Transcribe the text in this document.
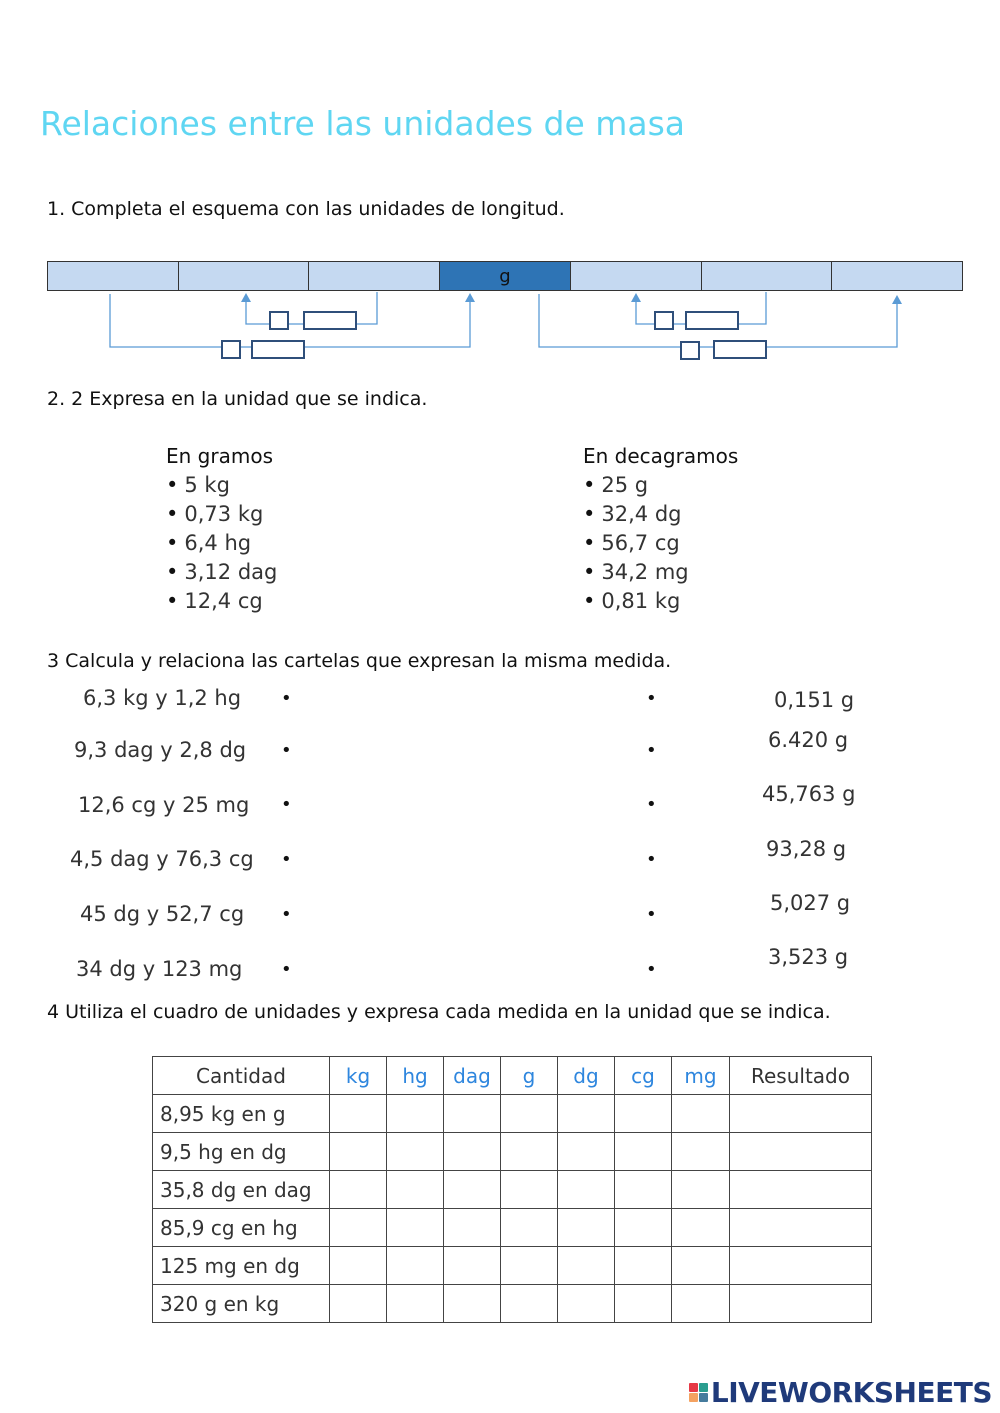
Relaciones entre las unidades de masa
1. Completa el esquema con las unidades de longitud.
g
2. 2 Expresa en la unidad que se indica.
En gramos
• 5 kg
• 0,73 kg
• 6,4 hg
• 3,12 dag
• 12,4 cg
En decagramos
• 25 g
• 32,4 dg
• 56,7 cg
• 34,2 mg
• 0,81 kg
3 Calcula y relaciona las cartelas que expresan la misma medida.
6,3 kg y 1,2 hg
9,3 dag y 2,8 dg
12,6 cg y 25 mg
4,5 dag y 76,3 cg
45 dg y 52,7 cg
34 dg y 123 mg
•
•
•
•
•
•
•
•
•
•
•
•
0,151 g
6.420 g
45,763 g
93,28 g
5,027 g
3,523 g
4 Utiliza el cuadro de unidades y expresa cada medida en la unidad que se indica.
Cantidad	kg	hg	dag	g	dg	cg	mg	Resultado
8,95 kg en g								
9,5 hg en dg								
35,8 dg en dag								
85,9 cg en hg								
125 mg en dg								
320 g en kg								
LIVEWORKSHEETS
